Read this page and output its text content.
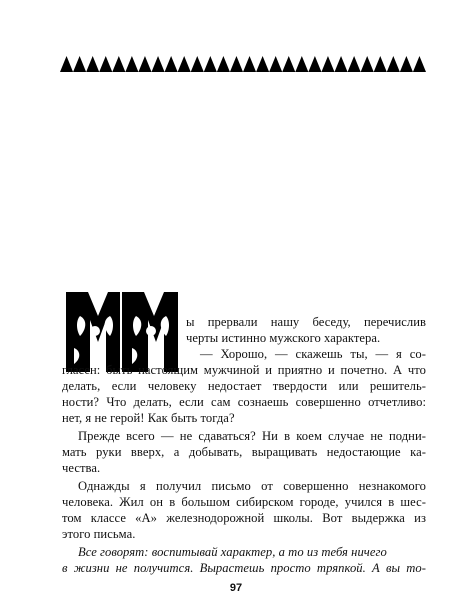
ы прервали нашу беседу, перечислив
черты истинно мужского характера.
— Хорошо, — скажешь ты, — я со-
гласен: быть настоящим мужчиной и приятно и почетно. А что
делать, если человеку недостает твердости или решитель-
ности? Что делать, если сам сознаешь совершенно отчетливо:
нет, я не герой! Как быть тогда?
Прежде всего — не сдаваться? Ни в коем случае не подни-
мать руки вверх, а добывать, выращивать недостающие ка-
чества.
Однажды я получил письмо от совершенно незнакомого
человека. Жил он в большом сибирском городе, учился в шес-
том классе «А» железнодорожной школы. Вот выдержка из
этого письма.
Все говорят: воспитывай характер, а то из тебя ничего
в жизни не получится. Вырастешь просто тряпкой. А вы то-
97
